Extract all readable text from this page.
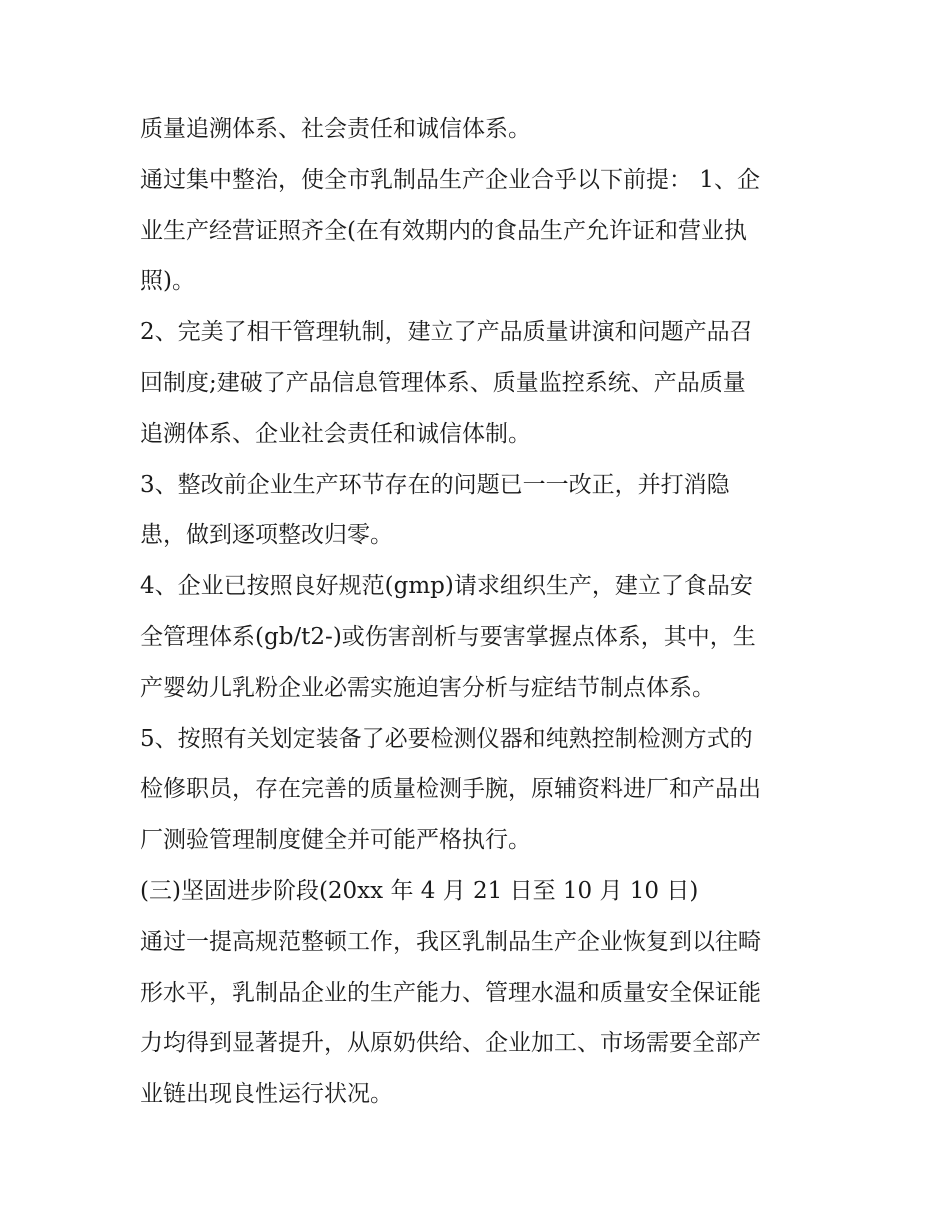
质量追溯体系、社会责任和诚信体系。
通过集中整治，使全市乳制品生产企业合乎以下前提： 1、企
业生产经营证照齐全(在有效期内的食品生产允许证和营业执
照)。
2、完美了相干管理轨制，建立了产品质量讲演和问题产品召
回制度;建破了产品信息管理体系、质量监控系统、产品质量
追溯体系、企业社会责任和诚信体制。
3、整改前企业生产环节存在的问题已一一改正，并打消隐
患，做到逐项整改归零。
4、企业已按照良好规范(gmp)请求组织生产，建立了食品安
全管理体系(gb/t2-)或伤害剖析与要害掌握点体系，其中，生
产婴幼儿乳粉企业必需实施迫害分析与症结节制点体系。
5、按照有关划定装备了必要检测仪器和纯熟控制检测方式的
检修职员，存在完善的质量检测手腕，原辅资料进厂和产品出
厂测验管理制度健全并可能严格执行。
(三)坚固进步阶段(20xx 年 4 月 21 日至 10 月 10 日)
通过一提高规范整顿工作，我区乳制品生产企业恢复到以往畸
形水平，乳制品企业的生产能力、管理水温和质量安全保证能
力均得到显著提升，从原奶供给、企业加工、市场需要全部产
业链出现良性运行状况。
